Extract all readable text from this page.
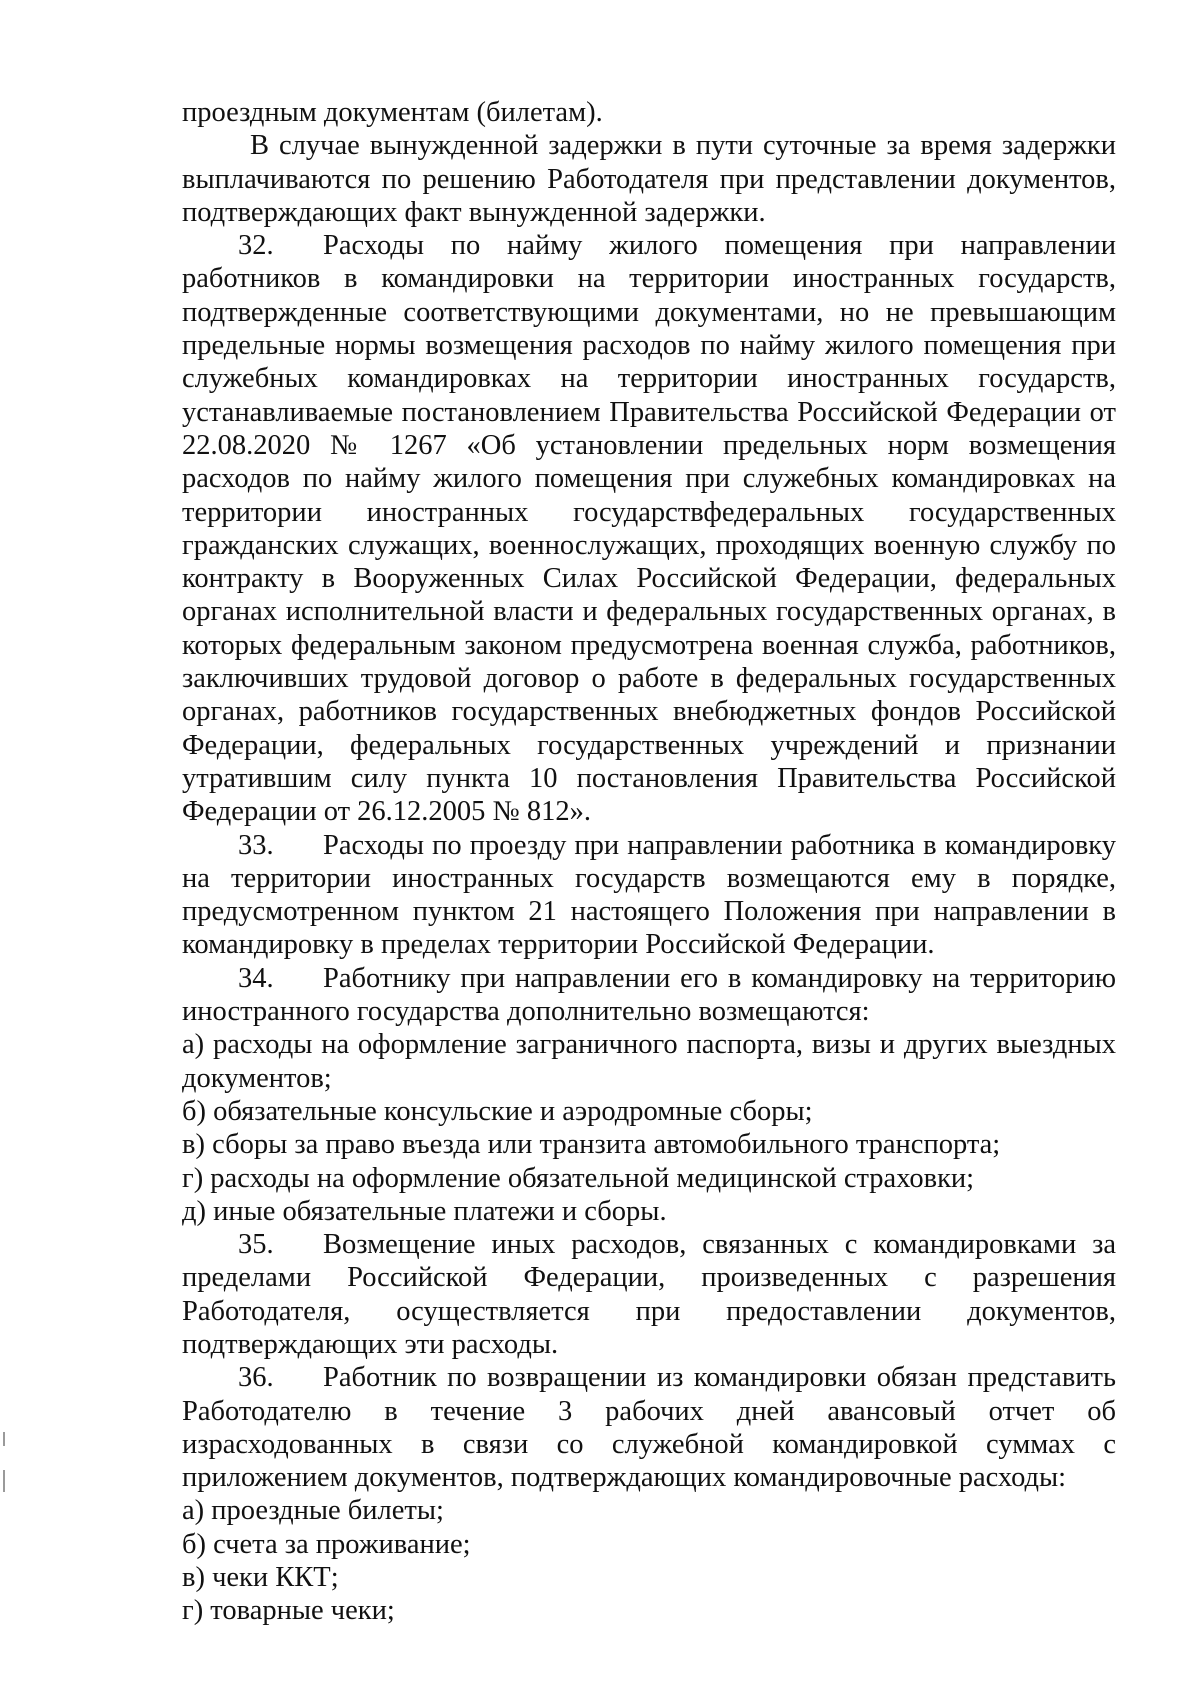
проездным документам (билетам).

В случае вынужденной задержки в пути суточные за время задержки выплачиваются по решению Работодателя при представлении документов, подтверждающих факт вынужденной задержки.

32. Расходы по найму жилого помещения при направлении работников в командировки на территории иностранных государств, подтвержденные соответствующими документами, но не превышающим предельные нормы возмещения расходов по найму жилого помещения при служебных командировках на территории иностранных государств, устанавливаемые постановлением Правительства Российской Федерации от 22.08.2020 № 1267 «Об установлении предельных норм возмещения расходов по найму жилого помещения при служебных командировках на территории иностранных государствфедеральных государственных гражданских служащих, военнослужащих, проходящих военную службу по контракту в Вооруженных Силах Российской Федерации, федеральных органах исполнительной власти и федеральных государственных органах, в которых федеральным законом предусмотрена военная служба, работников, заключивших трудовой договор о работе в федеральных государственных органах, работников государственных внебюджетных фондов Российской Федерации, федеральных государственных учреждений и признании утратившим силу пункта 10 постановления Правительства Российской Федерации от 26.12.2005 № 812».

33. Расходы по проезду при направлении работника в командировку на территории иностранных государств возмещаются ему в порядке, предусмотренном пунктом 21 настоящего Положения при направлении в командировку в пределах территории Российской Федерации.

34. Работнику при направлении его в командировку на территорию иностранного государства дополнительно возмещаются:

а) расходы на оформление заграничного паспорта, визы и других выездных документов;

б) обязательные консульские и аэродромные сборы;

в) сборы за право въезда или транзита автомобильного транспорта;

г) расходы на оформление обязательной медицинской страховки;

д) иные обязательные платежи и сборы.

35. Возмещение иных расходов, связанных с командировками за пределами Российской Федерации, произведенных с разрешения Работодателя, осуществляется при предоставлении документов, подтверждающих эти расходы.

36. Работник по возвращении из командировки обязан представить Работодателю в течение 3 рабочих дней авансовый отчет об израсходованных в связи со служебной командировкой суммах с приложением документов, подтверждающих командировочные расходы:

а) проездные билеты;

б) счета за проживание;

в) чеки ККТ;

г) товарные чеки;
